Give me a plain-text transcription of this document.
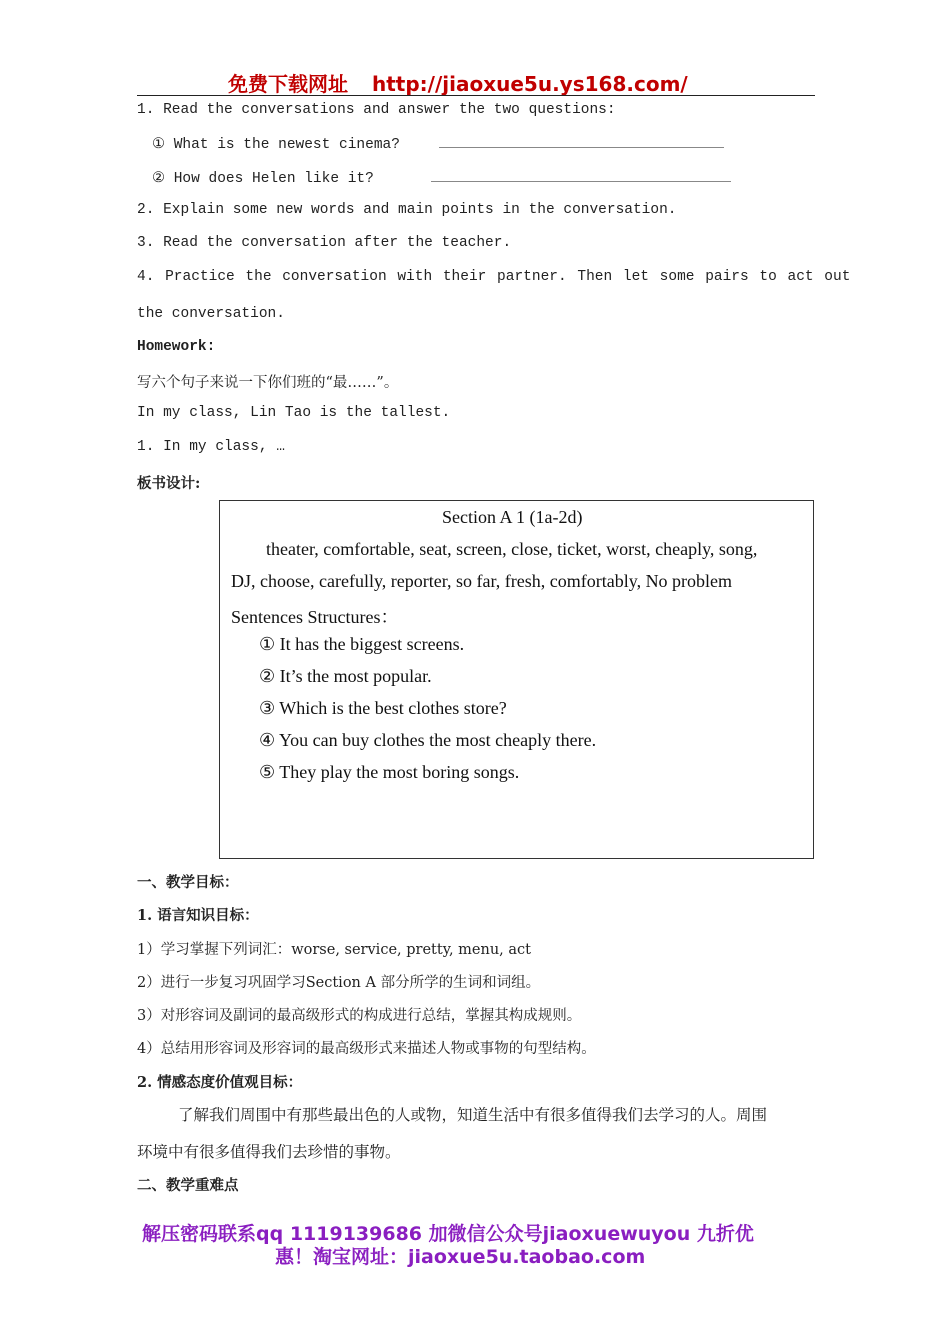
免费下载网址 http://jiaoxue5u.ys168.com/
1. Read the conversations and answer the two questions:
① What is the newest cinema?
② How does Helen like it?
2. Explain some new words and main points in the conversation.
3. Read the conversation after the teacher.
4. Practice the conversation with their partner. Then let some pairs to act out
the conversation.
Homework:
写六个句子来说一下你们班的“最……”。
In my class, Lin Tao is the tallest.
1. In my class, …
板书设计:
Section A 1 (1a-2d)
theater, comfortable, seat, screen, close, ticket, worst, cheaply, song,
DJ, choose, carefully, reporter, so far, fresh, comfortably, No problem
Sentences Structures：
① It has the biggest screens.
② It’s the most popular.
③ Which is the best clothes store?
④ You can buy clothes the most cheaply there.
⑤ They play the most boring songs.
一、教学目标：
1. 语言知识目标：
1）学习掌握下列词汇：worse, service, pretty, menu, act
2）进行一步复习巩固学习Section A 部分所学的生词和词组。
3）对形容词及副词的最高级形式的构成进行总结，掌握其构成规则。
4）总结用形容词及形容词的最高级形式来描述人物或事物的句型结构。
2. 情感态度价值观目标：
了解我们周围中有那些最出色的人或物，知道生活中有很多值得我们去学习的人。周围
环境中有很多值得我们去珍惜的事物。
二、教学重难点
解压密码联系qq 1119139686 加微信公众号jiaoxuewuyou 九折优
惠！淘宝网址：jiaoxue5u.taobao.com
